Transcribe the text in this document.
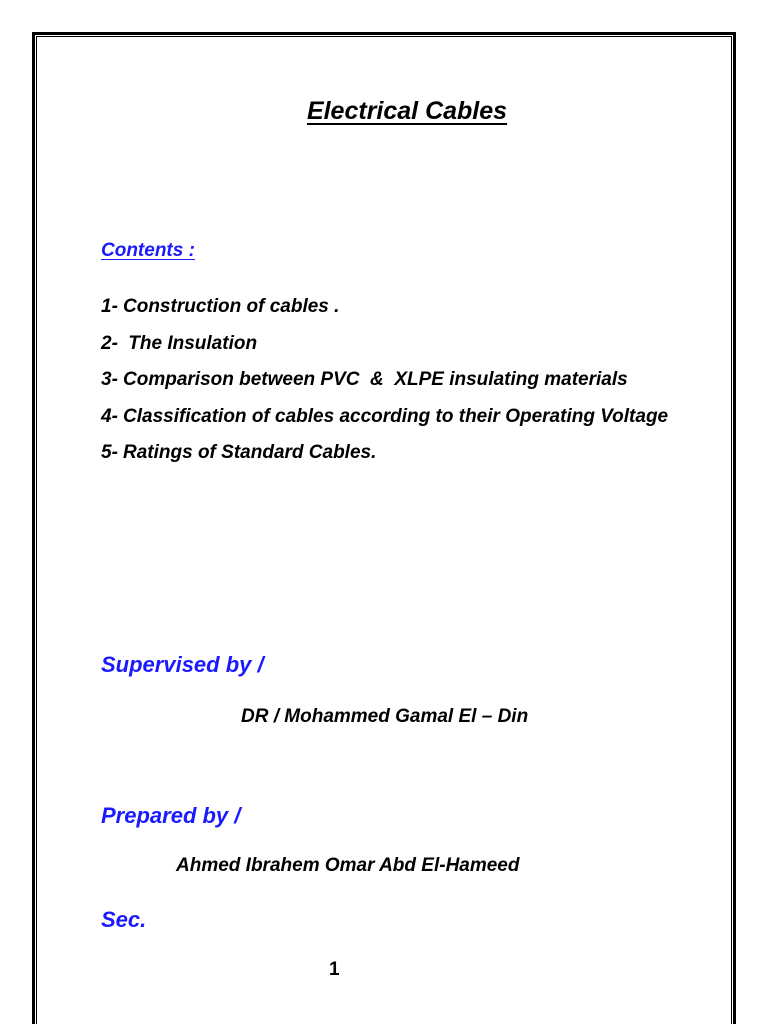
Electrical Cables
Contents :
1- Construction of cables .
2- The Insulation
3- Comparison between PVC  &  XLPE insulating materials
4- Classification of cables according to their Operating Voltage
5- Ratings of Standard Cables.
Supervised by /
DR / Mohammed Gamal El – Din
Prepared by /
Ahmed Ibrahem Omar Abd El-Hameed
Sec.
1
